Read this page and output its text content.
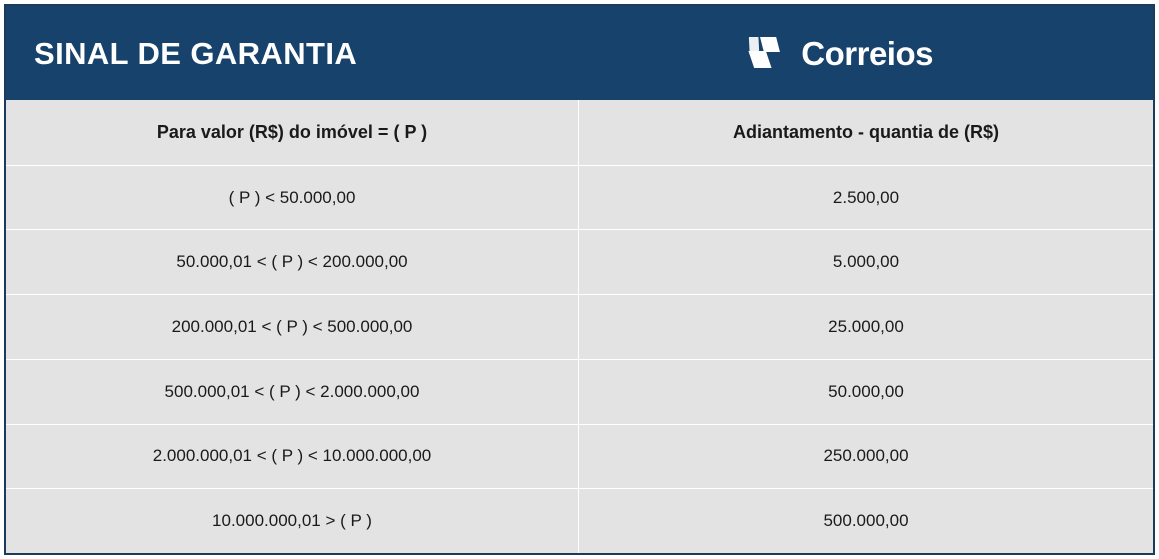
SINAL DE GARANTIA	Correios
Para valor (R$) do imóvel = ( P )	Adiantamento - quantia de (R$)
( P ) < 50.000,00	2.500,00
50.000,01 < ( P ) < 200.000,00	5.000,00
200.000,01 < ( P ) < 500.000,00	25.000,00
500.000,01 < ( P ) < 2.000.000,00	50.000,00
2.000.000,01 < ( P ) < 10.000.000,00	250.000,00
10.000.000,01 > ( P )	500.000,00
